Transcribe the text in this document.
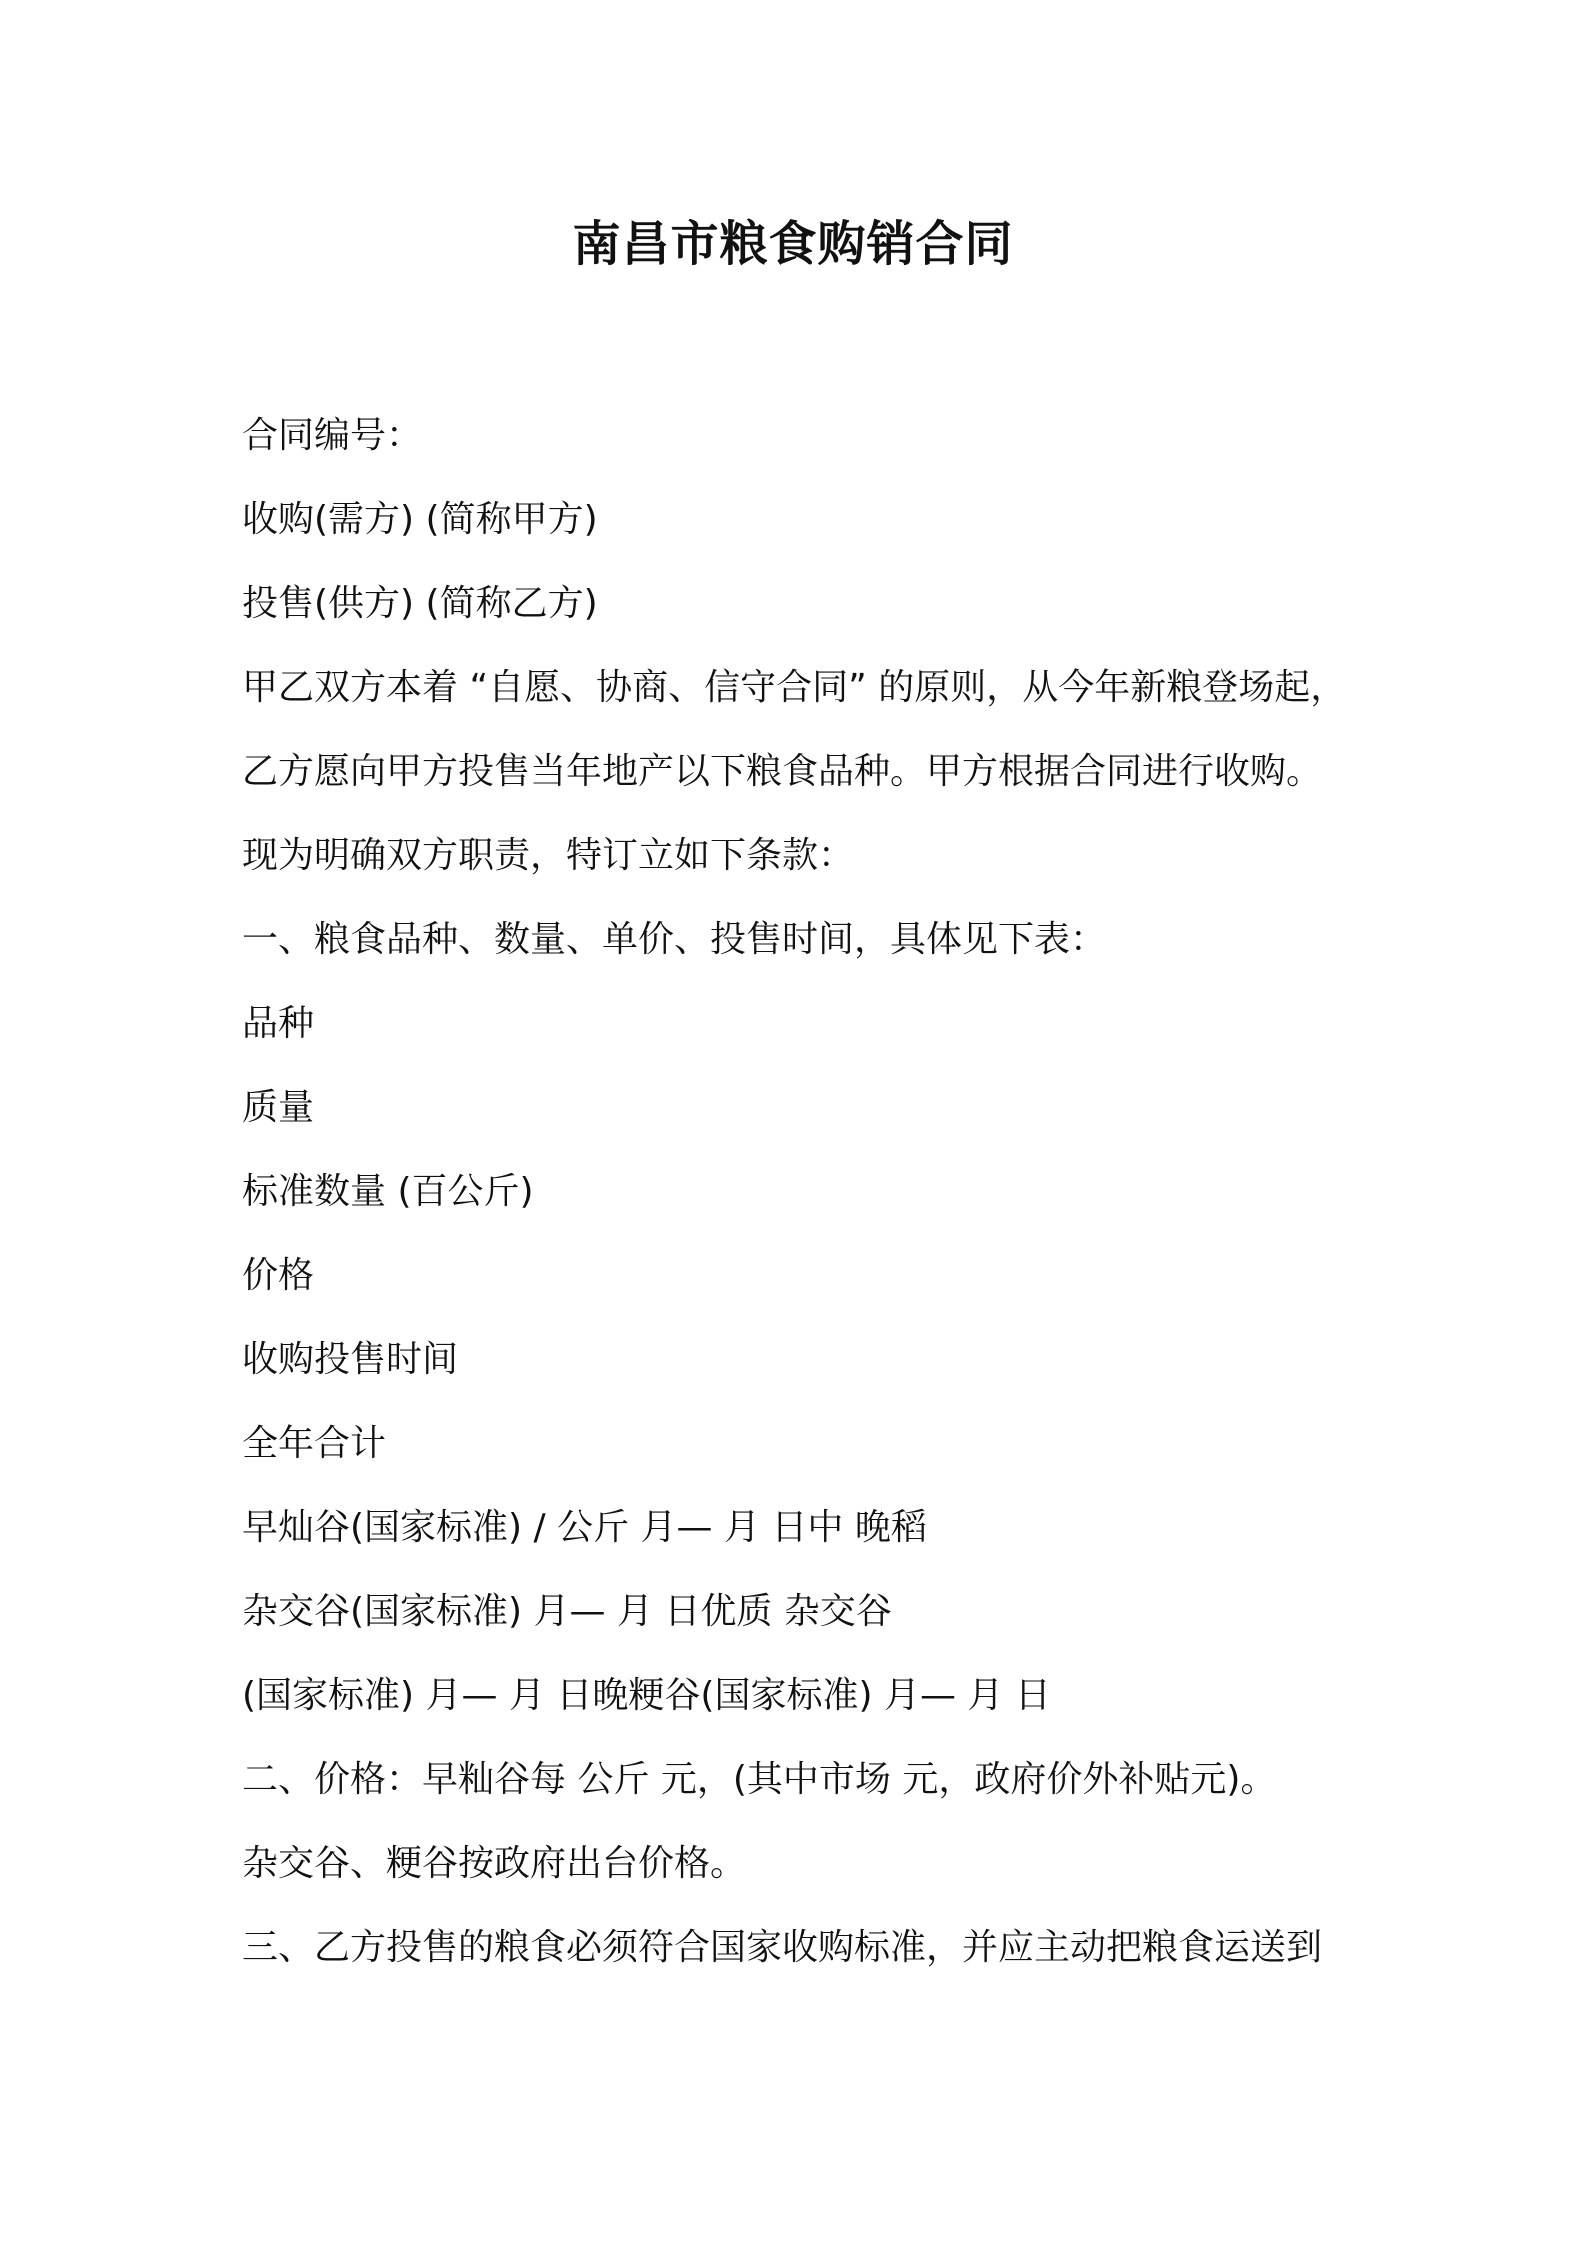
南昌市粮食购销合同
合同编号：
收购(需方) (简称甲方)
投售(供方) (简称乙方)
甲乙双方本着 “自愿、协商、信守合同” 的原则，从今年新粮登场起，
乙方愿向甲方投售当年地产以下粮食品种。甲方根据合同进行收购。
现为明确双方职责，特订立如下条款：
一、粮食品种、数量、单价、投售时间，具体见下表：
品种
质量
标准数量 (百公斤)
价格
收购投售时间
全年合计
早灿谷(国家标准) / 公斤 月— 月 日中 晚稻
杂交谷(国家标准) 月— 月 日优质 杂交谷
(国家标准) 月— 月 日晚粳谷(国家标准) 月— 月 日
二、价格：早籼谷每 公斤 元，(其中市场 元，政府价外补贴元)。
杂交谷、粳谷按政府出台价格。
三、乙方投售的粮食必须符合国家收购标准，并应主动把粮食运送到
